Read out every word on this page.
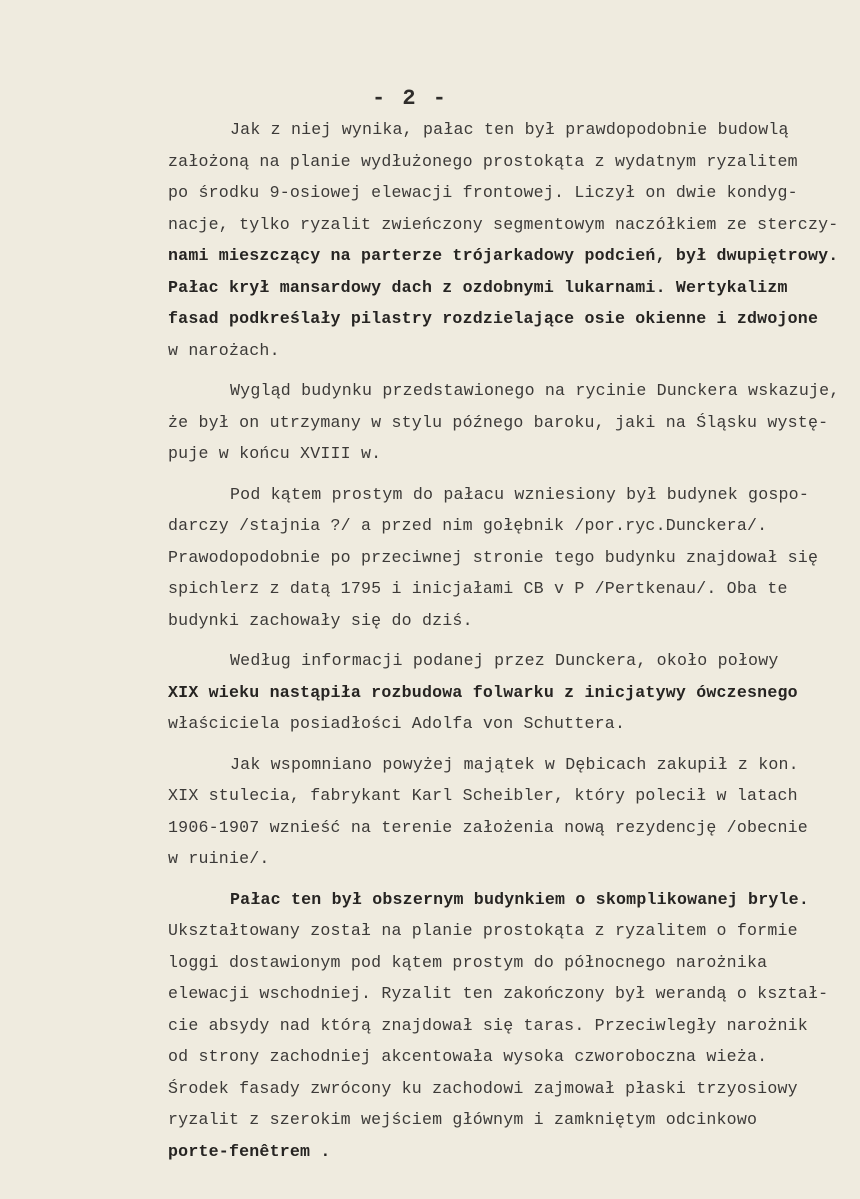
- 2 -
Jak z niej wynika, pałac ten był prawdopodobnie budowlą
założoną na planie wydłużonego prostokąta z wydatnym ryzalitem
po środku 9-osiowej elewacji frontowej. Liczył on dwie kondyg-
nacje, tylko ryzalit zwieńczony segmentowym naczółkiem ze sterczy-
nami mieszczący na parterze trójarkadowy podcień, był dwupiętrowy.
Pałac krył mansardowy dach z ozdobnymi lukarnami. Wertykalizm
fasad podkreślały pilastry rozdzielające osie okienne i zdwojone
w narożach.
Wygląd budynku przedstawionego na rycinie Dunckera wskazuje,
że był on utrzymany w stylu późnego baroku, jaki na Śląsku wystę-
puje w końcu XVIII w.
Pod kątem prostym do pałacu wzniesiony był budynek gospo-
darczy /stajnia ?/ a przed nim gołębnik /por.ryc.Dunckera/.
Prawodopodobnie po przeciwnej stronie tego budynku znajdował się
spichlerz z datą 1795 i inicjałami CB v P /Pertkenau/. Oba te
budynki zachowały się do dziś.
Według informacji podanej przez Dunckera, około połowy
XIX wieku nastąpiła rozbudowa folwarku z inicjatywy ówczesnego
właściciela posiadłości Adolfa von Schuttera.
Jak wspomniano powyżej majątek w Dębicach zakupił z kon.
XIX stulecia, fabrykant Karl Scheibler, który polecił w latach
1906-1907 wznieść na terenie założenia nową rezydencję /obecnie
w ruinie/.
Pałac ten był obszernym budynkiem o skomplikowanej bryle.
Ukształtowany został na planie prostokąta z ryzalitem o formie
loggi dostawionym pod kątem prostym do północnego narożnika
elewacji wschodniej. Ryzalit ten zakończony był werandą o kształ-
cie absydy nad którą znajdował się taras. Przeciwległy narożnik
od strony zachodniej akcentowała wysoka czworoboczna wieża.
Środek fasady zwrócony ku zachodowi zajmował płaski trzyosiowy
ryzalit z szerokim wejściem głównym i zamkniętym odcinkowo
porte-fenêtrem .
